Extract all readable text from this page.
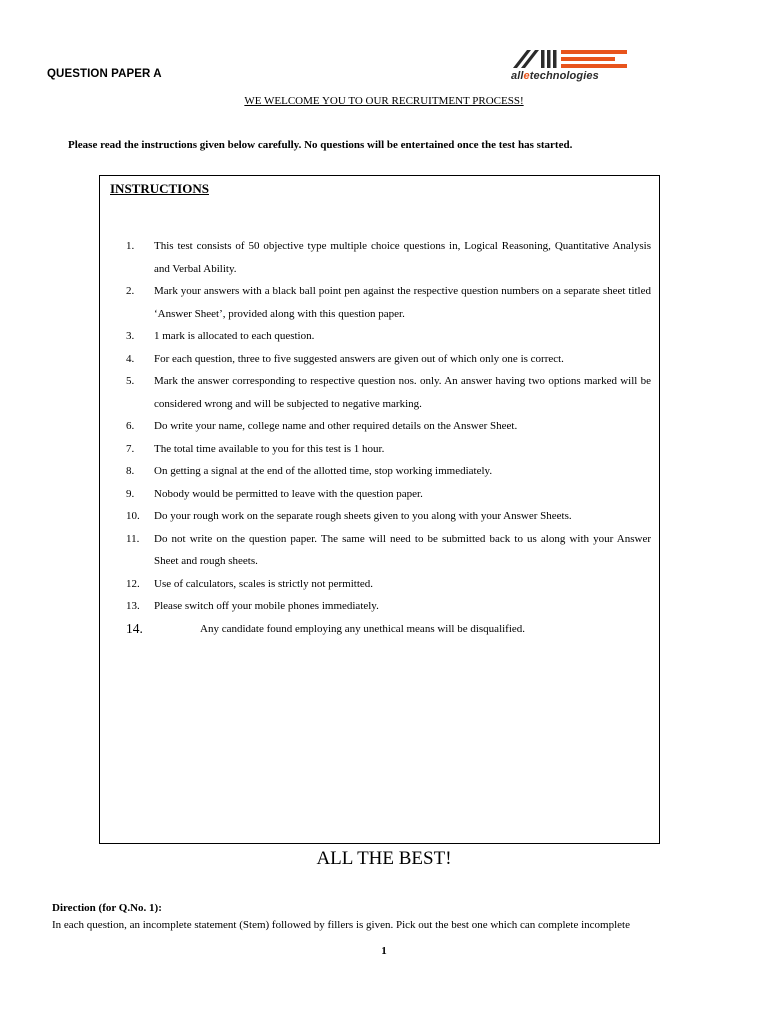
QUESTION PAPER A	alletechnologies
WE WELCOME YOU TO OUR RECRUITMENT PROCESS!
Please read the instructions given below carefully. No questions will be entertained once the test has started.
INSTRUCTIONS
1.	This test consists of 50 objective type multiple choice questions in, Logical Reasoning, Quantitative Analysis and Verbal Ability.
2.	Mark your answers with a black ball point pen against the respective question numbers on a separate sheet titled ‘Answer Sheet’, provided along with this question paper.
3.	1 mark is allocated to each question.
4.	For each question, three to five suggested answers are given out of which only one is correct.
5.	Mark the answer corresponding to respective question nos. only. An answer having two options marked will be considered wrong and will be subjected to negative marking.
6.	Do write your name, college name and other required details on the Answer Sheet.
7.	The total time available to you for this test is 1 hour.
8.	On getting a signal at the end of the allotted time, stop working immediately.
9.	Nobody would be permitted to leave with the question paper.
10.	Do your rough work on the separate rough sheets given to you along with your Answer Sheets.
11.	Do not write on the question paper. The same will need to be submitted back to us along with your Answer Sheet and rough sheets.
12.	Use of calculators, scales is strictly not permitted.
13.	Please switch off your mobile phones immediately.
14.	Any candidate found employing any unethical means will be disqualified.
ALL THE BEST!
Direction (for Q.No. 1):
In each question, an incomplete statement (Stem) followed by fillers is given. Pick out the best one which can complete incomplete
1
